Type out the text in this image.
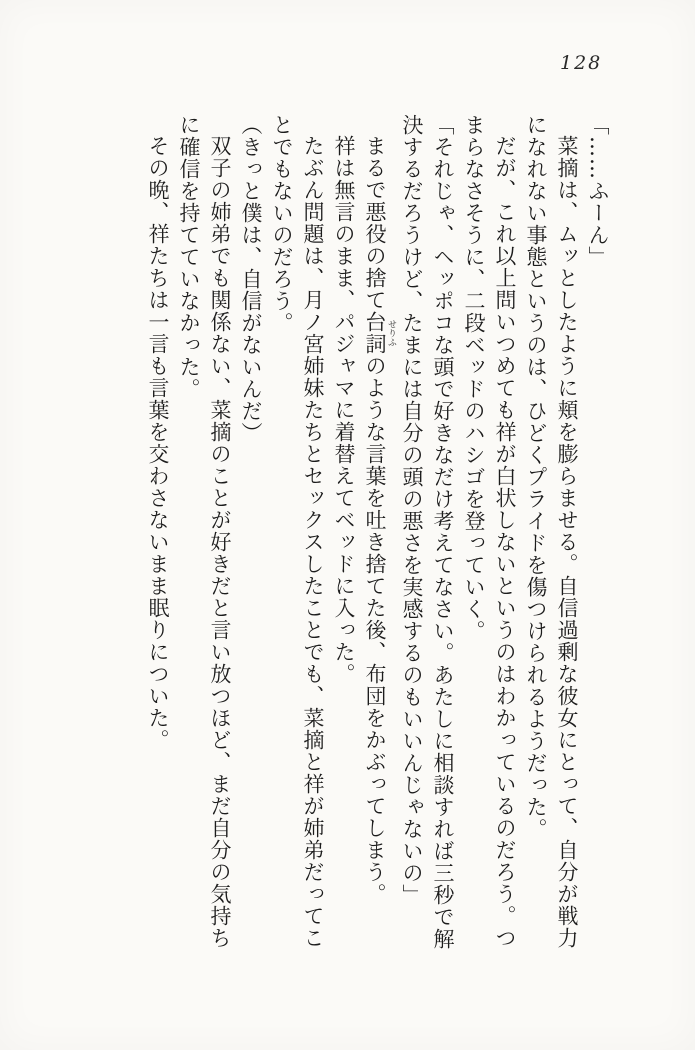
128

「……ふーん」

菜摘は、ムッとしたように頬を膨らませる。自信過剰な彼女にとって、自分が戦力になれない事態というのは、ひどくプライドを傷つけられるようだった。

だが、これ以上問いつめても祥が白状しないというのはわかっているのだろう。つまらなさそうに、二段ベッドのハシゴを登っていく。

「それじゃ、ヘッポコな頭で好きなだけ考えてなさい。あたしに相談すれば三秒で解決するだろうけど、たまには自分の頭の悪さを実感するのもいいんじゃないの」

まるで悪役の捨て台詞 せりふのような言葉を吐き捨てた後、布団をかぶってしまう。

祥は無言のまま、パジャマに着替えてベッドに入った。

たぶん問題は、月ノ宮姉妹たちとセックスしたことでも、菜摘と祥が姉弟だってことでもないのだろう。

（きっと僕は、自信がないんだ）

双子の姉弟でも関係ない、菜摘のことが好きだと言い放つほど、まだ自分の気持ちに確信を持てていなかった。

その晩、祥たちは一言も言葉を交わさないまま眠りについた。
